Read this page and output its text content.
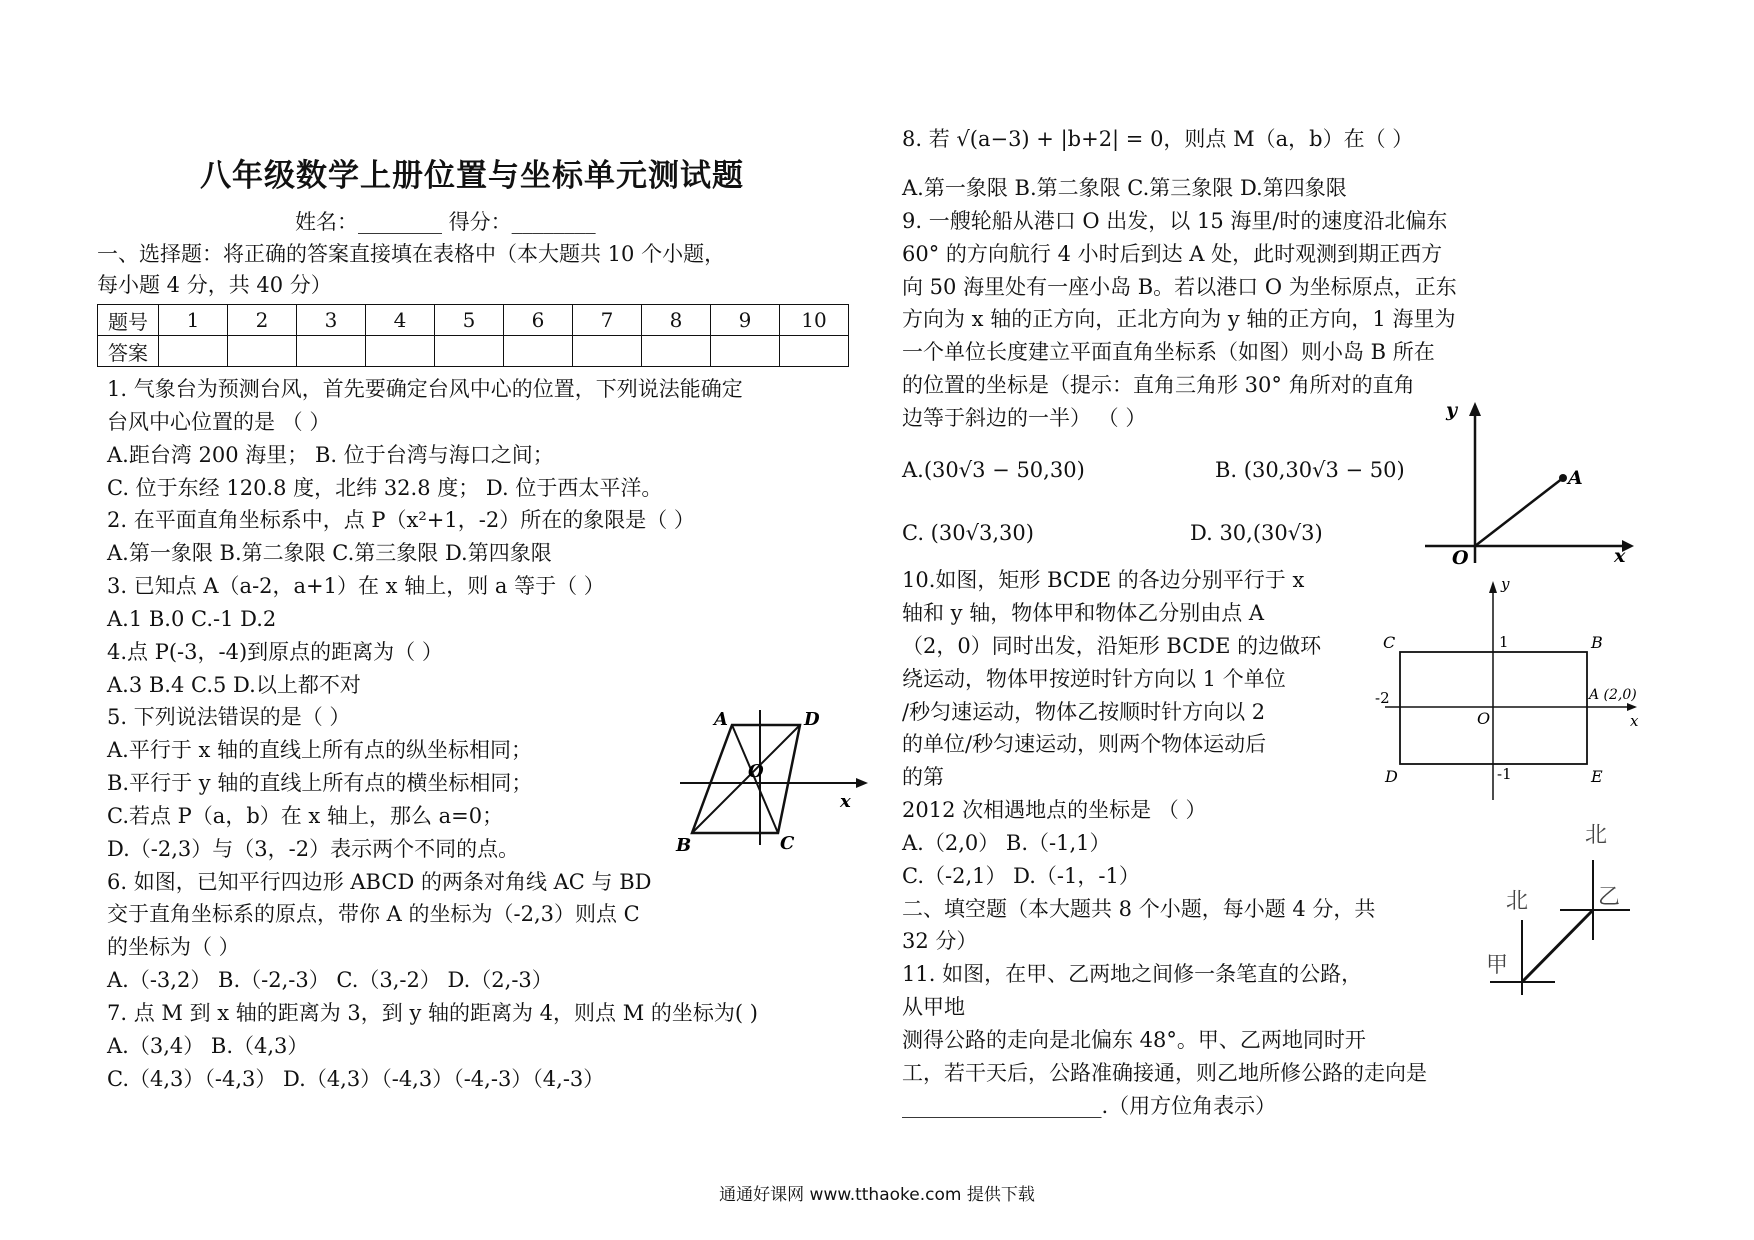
八年级数学上册位置与坐标单元测试题
姓名：________ 得分：________
一、选择题：将正确的答案直接填在表格中（本大题共 10 个小题，
每小题 4 分，共 40 分）
题号	1	2	3	4	5	6	7	8	9	10
答案										
1. 气象台为预测台风，首先要确定台风中心的位置，下列说法能确定
台风中心位置的是 （ ）
A.距台湾 200 海里； B. 位于台湾与海口之间；
C. 位于东经 120.8 度，北纬 32.8 度； D. 位于西太平洋。
2. 在平面直角坐标系中，点 P（x²+1，-2）所在的象限是（ ）
A.第一象限 B.第二象限 C.第三象限 D.第四象限
3. 已知点 A（a-2，a+1）在 x 轴上，则 a 等于（ ）
A.1 B.0 C.-1 D.2
4.点 P(-3，-4)到原点的距离为（ ）
A.3 B.4 C.5 D.以上都不对
5. 下列说法错误的是（ ）
A.平行于 x 轴的直线上所有点的纵坐标相同；
B.平行于 y 轴的直线上所有点的横坐标相同；
C.若点 P（a，b）在 x 轴上，那么 a=0；
D.（-2,3）与（3，-2）表示两个不同的点。
6. 如图，已知平行四边形 ABCD 的两条对角线 AC 与 BD
交于直角坐标系的原点，带你 A 的坐标为（-2,3）则点 C
的坐标为（ ）
A.（-3,2） B.（-2,-3） C.（3,-2） D.（2,-3）
7. 点 M 到 x 轴的距离为 3，到 y 轴的距离为 4，则点 M 的坐标为( )
A.（3,4） B.（4,3）
C.（4,3）（-4,3） D.（4,3）（-4,3）（-4,-3）（4,-3）
A	D
B	C
O
x
8. 若 √(a−3) + |b+2| = 0，则点 M（a，b）在（ ）
A.第一象限 B.第二象限 C.第三象限 D.第四象限
9. 一艘轮船从港口 O 出发，以 15 海里/时的速度沿北偏东
60° 的方向航行 4 小时后到达 A 处，此时观测到期正西方
向 50 海里处有一座小岛 B。若以港口 O 为坐标原点，正东
方向为 x 轴的正方向，正北方向为 y 轴的正方向，1 海里为
一个单位长度建立平面直角坐标系（如图）则小岛 B 所在
的位置的坐标是（提示：直角三角形 30° 角所对的直角
边等于斜边的一半） （ ）
A.(30√3 − 50,30)	B. (30,30√3 − 50)
C. (30√3,30)	D. 30,(30√3)
10.如图，矩形 BCDE 的各边分别平行于 x
轴和 y 轴，物体甲和物体乙分别由点 A
（2，0）同时出发，沿矩形 BCDE 的边做环
绕运动，物体甲按逆时针方向以 1 个单位
/秒匀速运动，物体乙按顺时针方向以 2
的单位/秒匀速运动，则两个物体运动后
的第
2012 次相遇地点的坐标是 （ ）
A.（2,0） B.（-1,1）
C.（-2,1） D.（-1，-1）
二、填空题（本大题共 8 个小题，每小题 4 分，共
32 分）
11. 如图，在甲、乙两地之间修一条笔直的公路，
从甲地
测得公路的走向是北偏东 48°。甲、乙两地同时开
工，若干天后，公路准确接通，则乙地所修公路的走向是
___________________.（用方位角表示）
y
x
O
A
y
x
O
C	B
D	E
A (2,0)
1
-1
-2
北
北
甲
乙
通通好课网 www.tthaoke.com 提供下载
